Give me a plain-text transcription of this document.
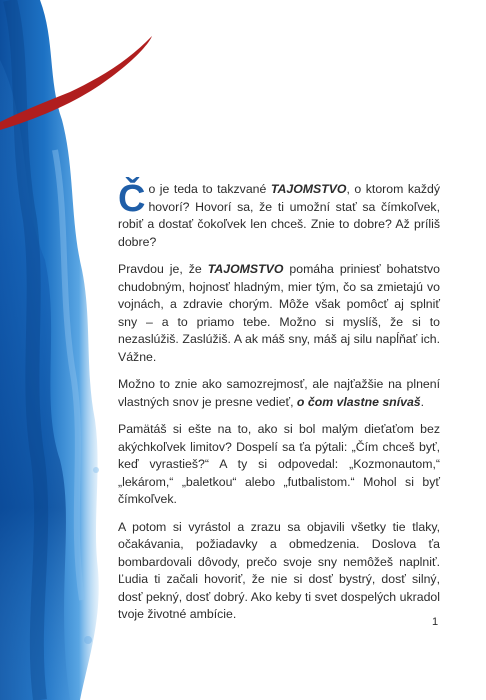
Čo je teda to takzvané TAJOMSTVO, o ktorom každý hovorí? Hovorí sa, že ti umožní stať sa čímkoľvek, robiť a dostať čokoľvek len chceš. Znie to dobre? Až príliš dobre?

Pravdou je, že TAJOMSTVO pomáha priniesť bohatstvo chudobným, hojnosť hladným, mier tým, čo sa zmietajú vo vojnách, a zdravie chorým. Môže však pomôcť aj splniť sny – a to priamo tebe. Možno si myslíš, že si to nezaslúžiš. Zaslúžiš. A ak máš sny, máš aj silu napĺňať ich. Vážne.

Možno to znie ako samozrejmosť, ale najťažšie na plnení vlastných snov je presne vedieť, o čom vlastne snívaš.

Pamätáš si ešte na to, ako si bol malým dieťaťom bez akýchkoľvek limitov? Dospelí sa ťa pýtali: „Čím chceš byť, keď vyrastieš?“ A ty si odpovedal: „Kozmonautom,“ „lekárom,“ „baletkou“ alebo „futbalistom.“ Mohol si byť čímkoľvek.

A potom si vyrástol a zrazu sa objavili všetky tie tlaky, očakávania, požiadavky a obmedzenia. Doslova ťa bombardovali dôvody, prečo svoje sny nemôžeš naplniť. Ľudia ti začali hovoriť, že nie si dosť bystrý, dosť silný, dosť pekný, dosť dobrý. Ako keby ti svet dospelých ukradol tvoje životné ambície.

1
